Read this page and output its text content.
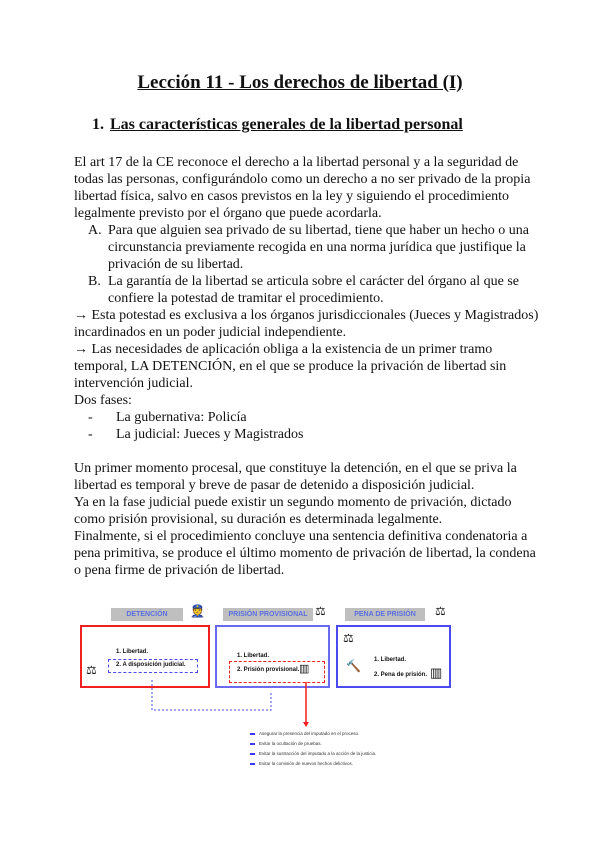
Lección 11 - Los derechos de libertad (I)
1. Las características generales de la libertad personal

El art 17 de la CE reconoce el derecho a la libertad personal y a la seguridad de todas las personas, configurándolo como un derecho a no ser privado de la propia libertad física, salvo en casos previstos en la ley y siguiendo el procedimiento legalmente previsto por el órgano que puede acordarla.

A. Para que alguien sea privado de su libertad, tiene que haber un hecho o una circunstancia previamente recogida en una norma jurídica que justifique la privación de su libertad.
B. La garantía de la libertad se articula sobre el carácter del órgano al que se confiere la potestad de tramitar el procedimiento.

→ Esta potestad es exclusiva a los órganos jurisdiccionales (Jueces y Magistrados) incardinados en un poder judicial independiente.

→ Las necesidades de aplicación obliga a la existencia de un primer tramo temporal, LA DETENCIÓN, en el que se produce la privación de libertad sin intervención judicial.

Dos fases:

-	La gubernativa: Policía
-	La judicial: Jueces y Magistrados

Un primer momento procesal, que constituye la detención, en el que se priva la libertad es temporal y breve de pasar de detenido a disposición judicial.

Ya en la fase judicial puede existir un segundo momento de privación, dictado como prisión provisional, su duración es determinada legalmente.

Finalmente, si el procedimiento concluye una sentencia definitiva condenatoria a pena primitiva, se produce el último momento de privación de libertad, la condena o pena firme de privación de libertad.

DETENCIÓN	👮	PRISIÓN PROVISIONAL ⚖	PENA DE PRISIÓN	⚖
⚖
1. Libertad.
2. A disposición judicial.
1. Libertad.
2. Prisión provisional. ▥
⚖
🔨 1. Libertad.
2. Pena de prisión. ▥
Asegurar la presencia del imputado en el proceso.
Evitar la ocultación de pruebas.
Evitar la sustracción del imputado a la acción de la justicia.
Evitar la comisión de nuevos hechos delictivos.
